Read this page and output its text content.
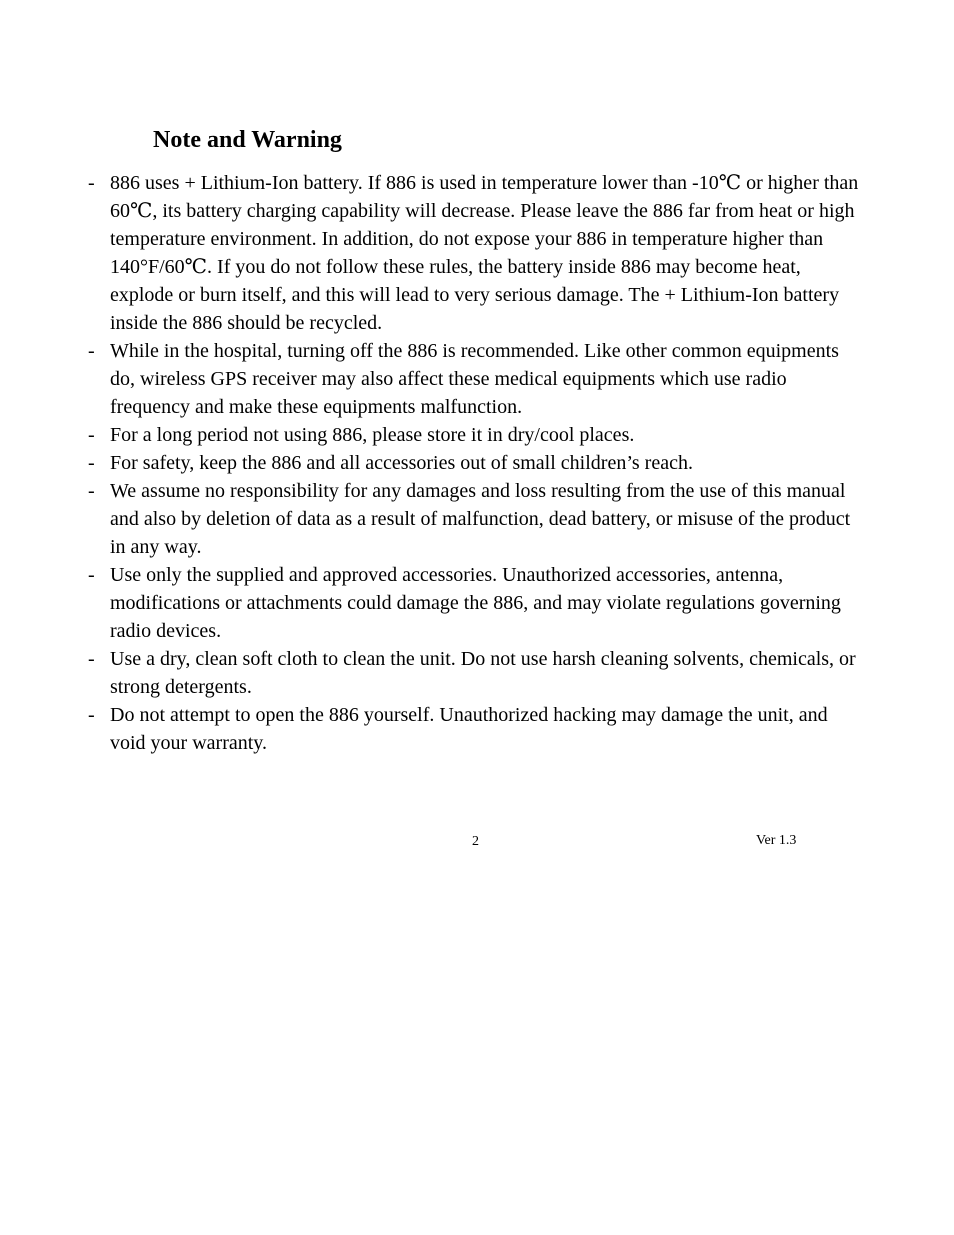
Note and Warning
- 886 uses + Lithium-Ion battery. If 886 is used in temperature lower than -10℃ or higher than 60℃, its battery charging capability will decrease. Please leave the 886 far from heat or high temperature environment. In addition, do not expose your 886 in temperature higher than 140°F/60℃. If you do not follow these rules, the battery inside 886 may become heat, explode or burn itself, and this will lead to very serious damage. The + Lithium-Ion battery inside the 886 should be recycled.
- While in the hospital, turning off the 886 is recommended. Like other common equipments do, wireless GPS receiver may also affect these medical equipments which use radio frequency and make these equipments malfunction.
- For a long period not using 886, please store it in dry/cool places.
- For safety, keep the 886 and all accessories out of small children’s reach.
- We assume no responsibility for any damages and loss resulting from the use of this manual and also by deletion of data as a result of malfunction, dead battery, or misuse of the product in any way.
- Use only the supplied and approved accessories. Unauthorized accessories, antenna, modifications or attachments could damage the 886, and may violate regulations governing radio devices.
- Use a dry, clean soft cloth to clean the unit. Do not use harsh cleaning solvents, chemicals, or strong detergents.
- Do not attempt to open the 886 yourself. Unauthorized hacking may damage the unit, and void your warranty.
2	Ver 1.3
